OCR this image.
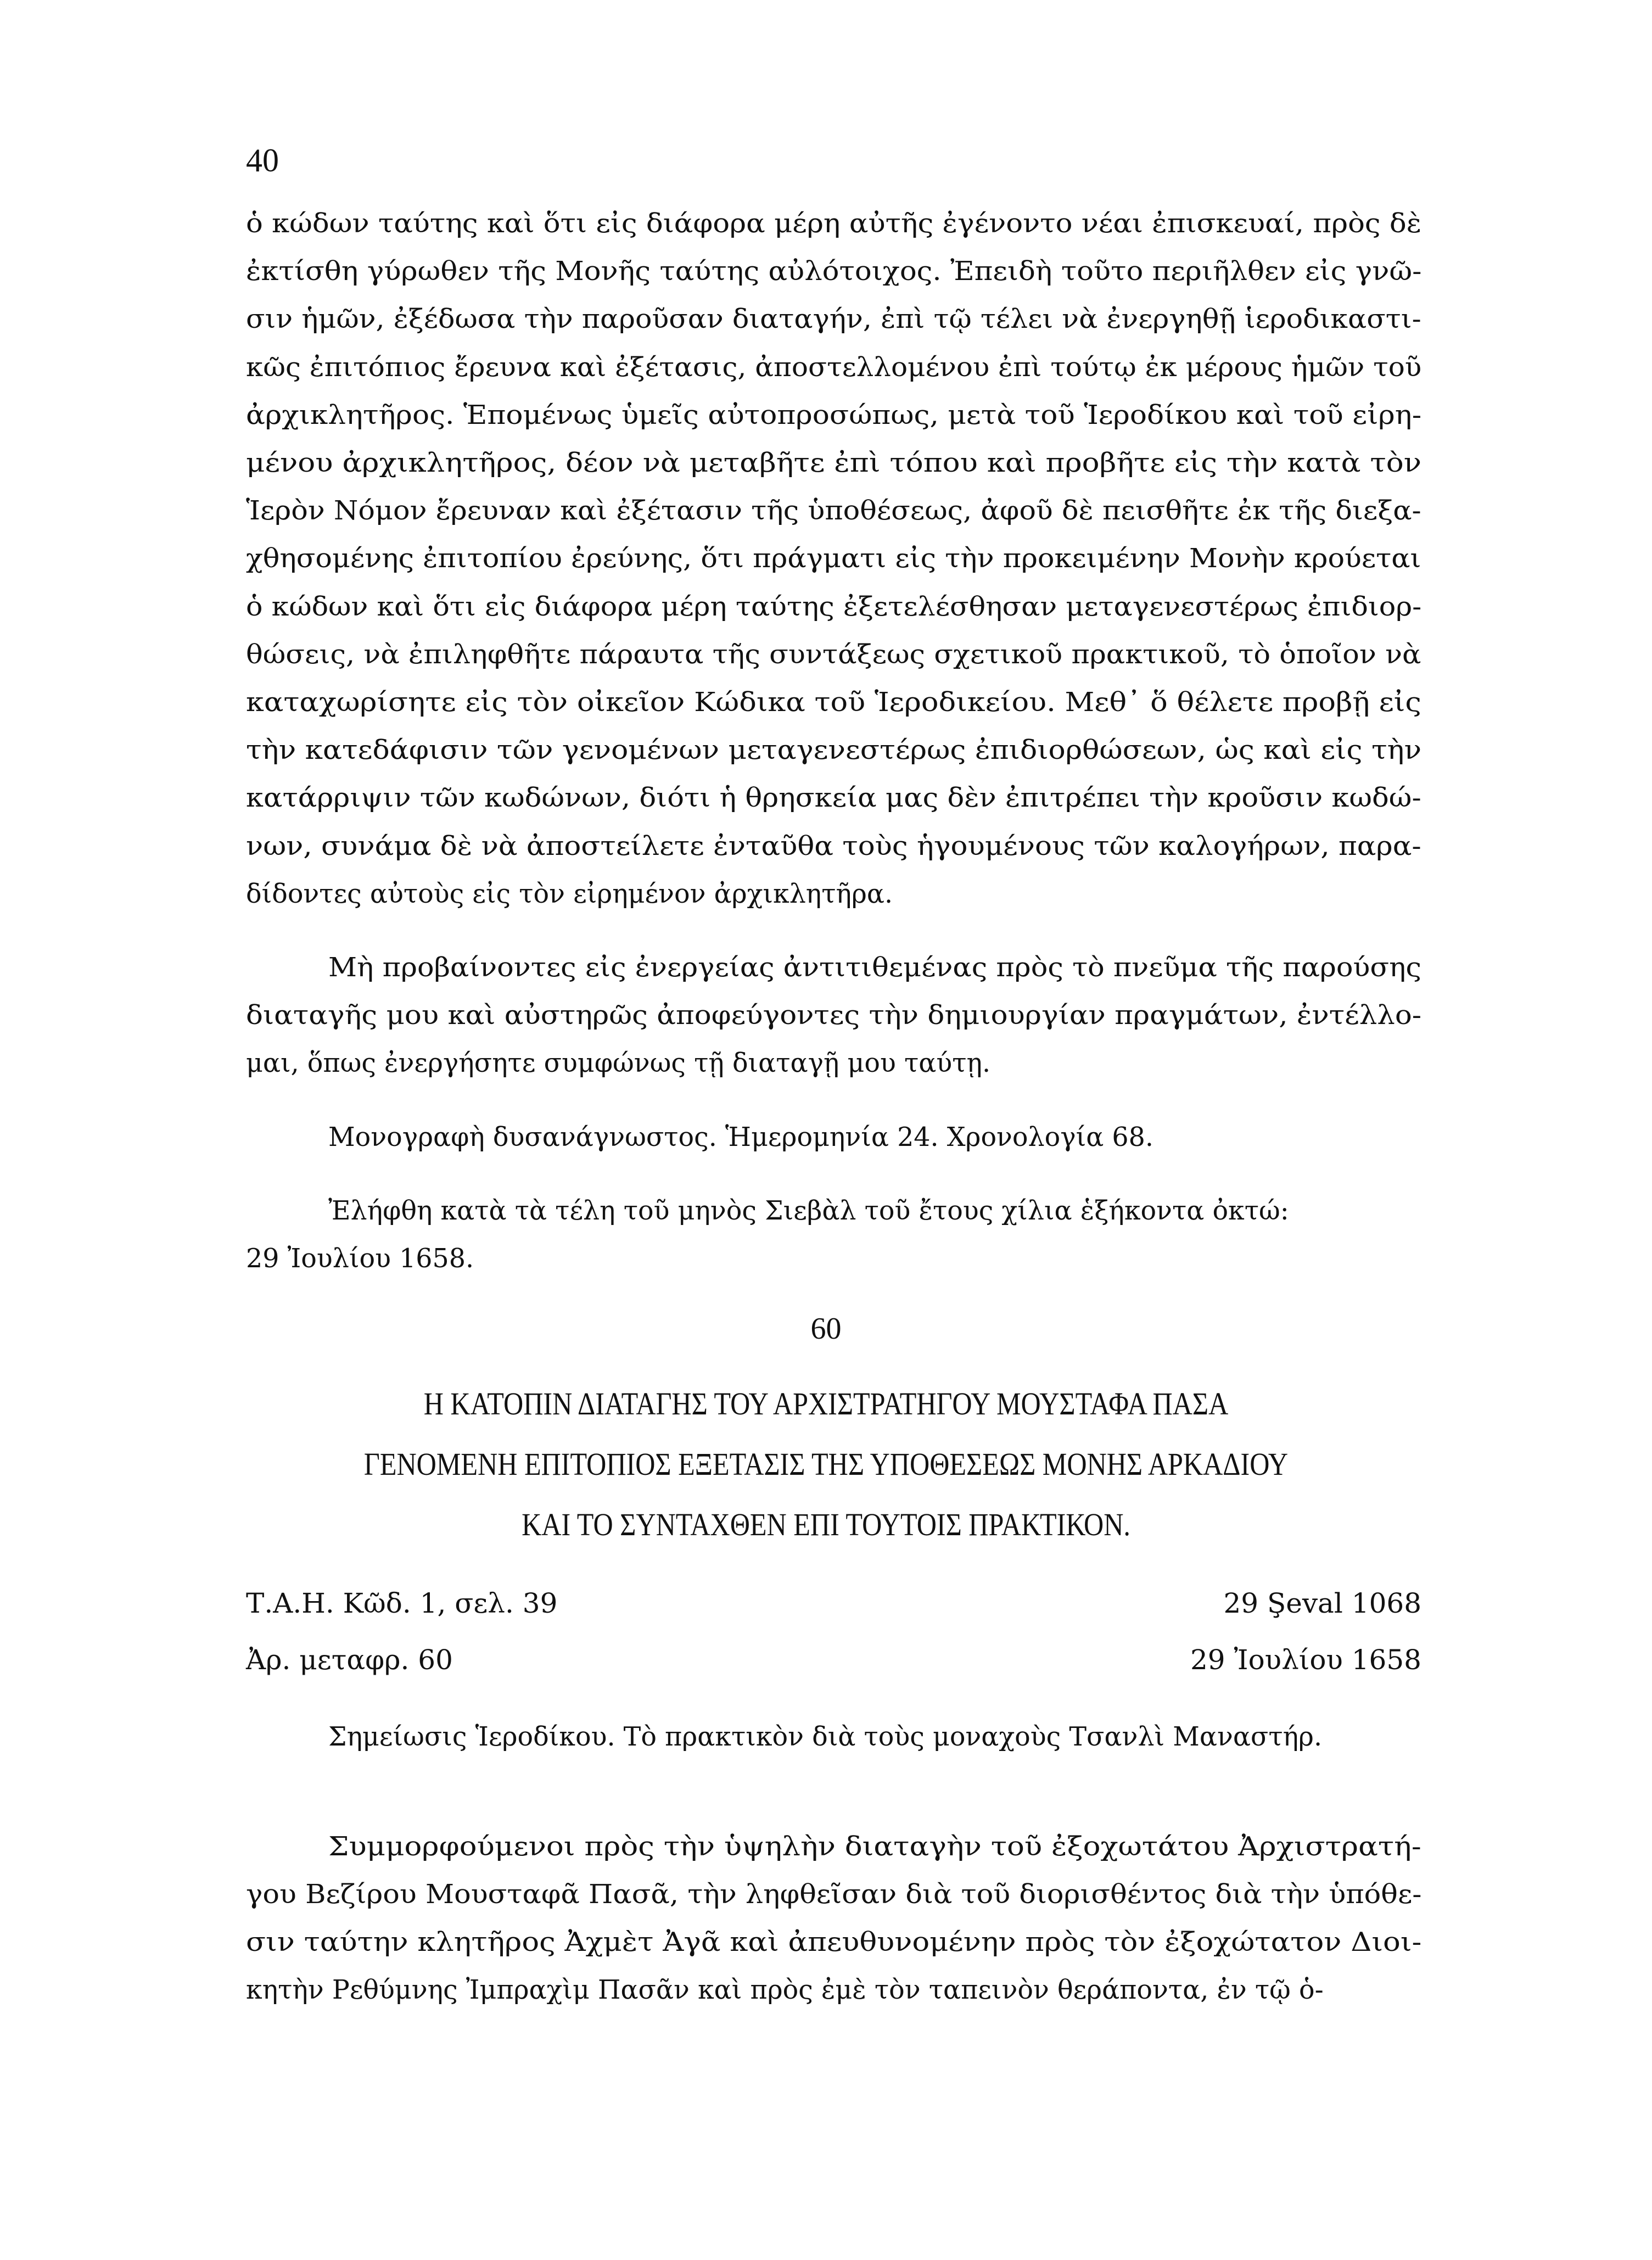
40
ὁ κώδων ταύτης καὶ ὅτι εἰς διάφορα μέρη αὐτῆς ἐγένοντο νέαι ἐπισκευαί, πρὸς δὲ
ἐκτίσθη γύρωθεν τῆς Μονῆς ταύτης αὐλότοιχος. Ἐπειδὴ τοῦτο περιῆλθεν εἰς γνῶ-
σιν ἡμῶν, ἐξέδωσα τὴν παροῦσαν διαταγήν, ἐπὶ τῷ τέλει νὰ ἐνεργηθῇ ἱεροδικαστι-
κῶς ἐπιτόπιος ἔρευνα καὶ ἐξέτασις, ἀποστελλομένου ἐπὶ τούτῳ ἐκ μέρους ἡμῶν τοῦ
ἀρχικλητῆρος. Ἑπομένως ὑμεῖς αὐτοπροσώπως, μετὰ τοῦ Ἱεροδίκου καὶ τοῦ εἰρη-
μένου ἀρχικλητῆρος, δέον νὰ μεταβῆτε ἐπὶ τόπου καὶ προβῆτε εἰς τὴν κατὰ τὸν
Ἱερὸν Νόμον ἔρευναν καὶ ἐξέτασιν τῆς ὑποθέσεως, ἀφοῦ δὲ πεισθῆτε ἐκ τῆς διεξα-
χθησομένης ἐπιτοπίου ἐρεύνης, ὅτι πράγματι εἰς τὴν προκειμένην Μονὴν κρούεται
ὁ κώδων καὶ ὅτι εἰς διάφορα μέρη ταύτης ἐξετελέσθησαν μεταγενεστέρως ἐπιδιορ-
θώσεις, νὰ ἐπιληφθῆτε πάραυτα τῆς συντάξεως σχετικοῦ πρακτικοῦ, τὸ ὁποῖον νὰ
καταχωρίσητε εἰς τὸν οἰκεῖον Κώδικα τοῦ Ἱεροδικείου. Μεθ᾽ ὅ θέλετε προβῇ εἰς
τὴν κατεδάφισιν τῶν γενομένων μεταγενεστέρως ἐπιδιορθώσεων, ὡς καὶ εἰς τὴν
κατάρριψιν τῶν κωδώνων, διότι ἡ θρησκεία μας δὲν ἐπιτρέπει τὴν κροῦσιν κωδώ-
νων, συνάμα δὲ νὰ ἀποστείλετε ἐνταῦθα τοὺς ἡγουμένους τῶν καλογήρων, παρα-
δίδοντες αὐτοὺς εἰς τὸν εἰρημένον ἀρχικλητῆρα.
Μὴ προβαίνοντες εἰς ἐνεργείας ἀντιτιθεμένας πρὸς τὸ πνεῦμα τῆς παρούσης
διαταγῆς μου καὶ αὐστηρῶς ἀποφεύγοντες τὴν δημιουργίαν πραγμάτων, ἐντέλλο-
μαι, ὅπως ἐνεργήσητε συμφώνως τῇ διαταγῇ μου ταύτῃ.
Μονογραφὴ δυσανάγνωστος. Ἡμερομηνία 24. Χρονολογία 68.
Ἐλήφθη κατὰ τὰ τέλη τοῦ μηνὸς Σιεβὰλ τοῦ ἔτους χίλια ἑξήκοντα ὀκτώ:
29 Ἰουλίου 1658.
60
Η ΚΑΤΟΠΙΝ ΔΙΑΤΑΓΗΣ ΤΟΥ ΑΡΧΙΣΤΡΑΤΗΓΟΥ ΜΟΥΣΤΑΦΑ ΠΑΣΑ
ΓΕΝΟΜΕΝΗ ΕΠΙΤΟΠΙΟΣ ΕΞΕΤΑΣΙΣ ΤΗΣ ΥΠΟΘΕΣΕΩΣ ΜΟΝΗΣ ΑΡΚΑΔΙΟΥ
ΚΑΙ ΤΟ ΣΥΝΤΑΧΘΕΝ ΕΠΙ ΤΟΥΤΟΙΣ ΠΡΑΚΤΙΚΟΝ.
Τ.Α.Η. Κῶδ. 1, σελ. 39	29 Şeval 1068
Ἀρ. μεταφρ. 60	29 Ἰουλίου 1658
Σημείωσις Ἱεροδίκου. Τὸ πρακτικὸν διὰ τοὺς μοναχοὺς Τσανλὶ Μαναστήρ.
Συμμορφούμενοι πρὸς τὴν ὑψηλὴν διαταγὴν τοῦ ἐξοχωτάτου Ἀρχιστρατή-
γου Βεζίρου Μουσταφᾶ Πασᾶ, τὴν ληφθεῖσαν διὰ τοῦ διορισθέντος διὰ τὴν ὑπόθε-
σιν ταύτην κλητῆρος Ἀχμὲτ Ἀγᾶ καὶ ἀπευθυνομένην πρὸς τὸν ἐξοχώτατον Διοι-
κητὴν Ρεθύμνης Ἰμπραχὶμ Πασᾶν καὶ πρὸς ἐμὲ τὸν ταπεινὸν θεράποντα, ἐν τῷ ὁ-
